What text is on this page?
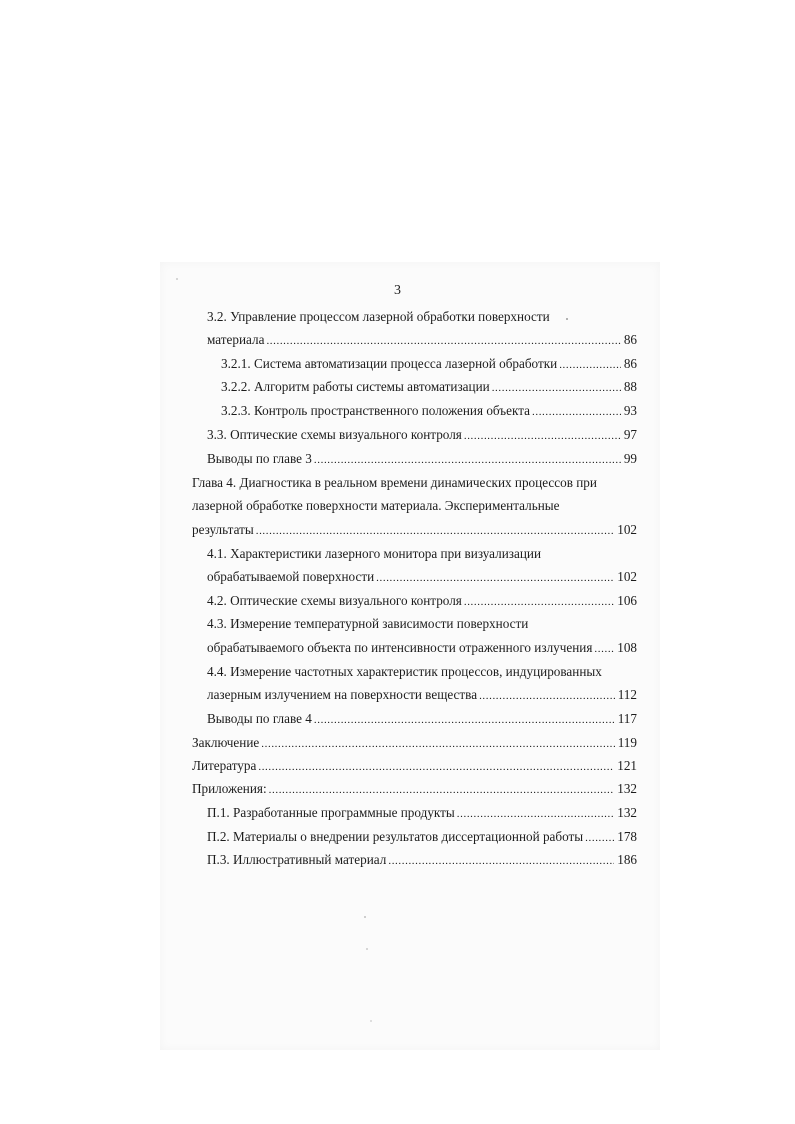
3
3.2. Управление процессом лазерной обработки поверхности
материала .....	86
3.2.1. Система автоматизации процесса лазерной обработки .....	86
3.2.2. Алгоритм работы системы автоматизации .....	88
3.2.3. Контроль пространственного положения объекта .....	93
3.3. Оптические схемы визуального контроля .....	97
Выводы по главе 3 .....	99
Глава 4. Диагностика в реальном времени динамических процессов при
лазерной обработке поверхности материала. Экспериментальные
результаты .....	102
4.1. Характеристики лазерного монитора при визуализации
обрабатываемой поверхности .....	102
4.2. Оптические схемы визуального контроля .....	106
4.3. Измерение температурной зависимости поверхности
обрабатываемого объекта по интенсивности отраженного излучения ..... 108
4.4. Измерение частотных характеристик процессов, индуцированных
лазерным излучением на поверхности вещества .....	112
Выводы по главе 4 .....	117
Заключение .....	119
Литература .....	121
Приложения: .....	132
П.1. Разработанные программные продукты .....	132
П.2. Материалы о внедрении результатов диссертационной работы .....	178
П.3. Иллюстративный материал .....	186
